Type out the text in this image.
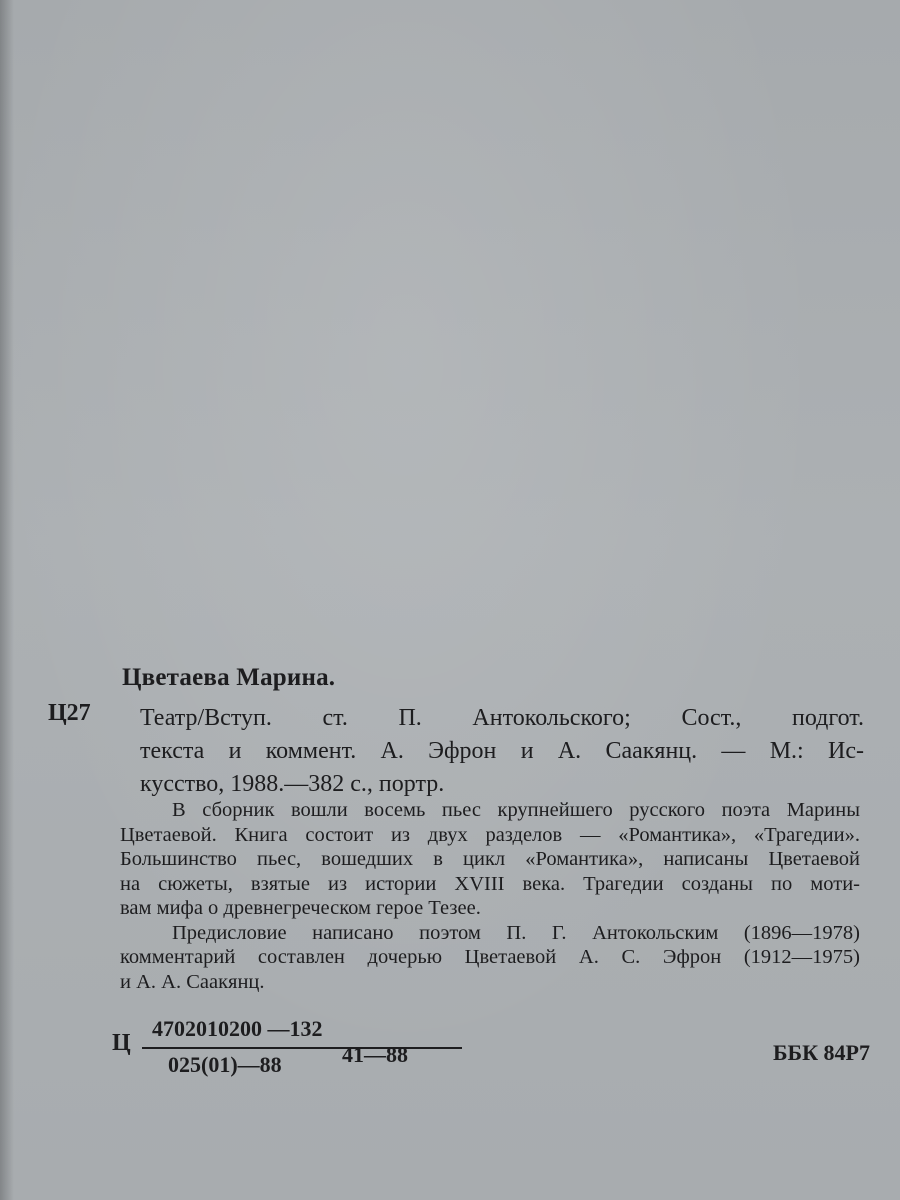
Цветаева Марина.
Ц27 Театр/Вступ. ст. П. Антокольского; Сост., подгот.
текста и коммент. А. Эфрон и А. Саакянц. — М.: Ис-
кусство, 1988.—382 с., портр.
В сборник вошли восемь пьес крупнейшего русского поэта Марины
Цветаевой. Книга состоит из двух разделов — «Романтика», «Трагедии».
Большинство пьес, вошедших в цикл «Романтика», написаны Цветаевой
на сюжеты, взятые из истории XVIII века. Трагедии созданы по моти-
вам мифа о древнегреческом герое Тезее.
Предисловие написано поэтом П. Г. Антокольским (1896—1978)
комментарий составлен дочерью Цветаевой А. С. Эфрон (1912—1975)
и А. А. Саакянц.
Ц
4702010200 —132
025(01)—88	41—88	ББК 84Р7
